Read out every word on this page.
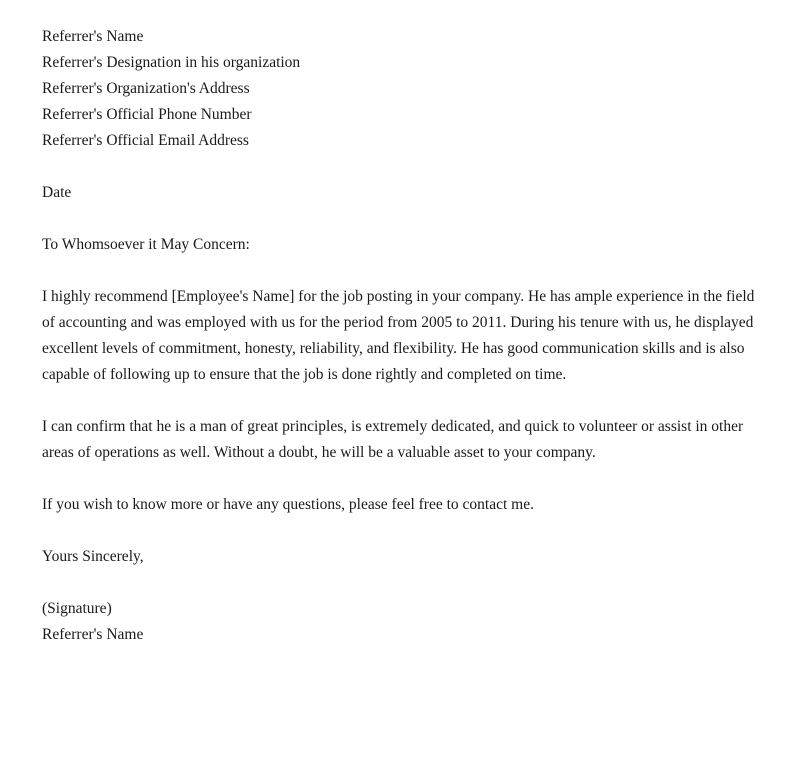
Referrer's Name
Referrer's Designation in his organization
Referrer's Organization's Address
Referrer's Official Phone Number
Referrer's Official Email Address
Date
To Whomsoever it May Concern:
I highly recommend [Employee's Name] for the job posting in your company. He has ample experience in the field of accounting and was employed with us for the period from 2005 to 2011. During his tenure with us, he displayed excellent levels of commitment, honesty, reliability, and flexibility. He has good communication skills and is also capable of following up to ensure that the job is done rightly and completed on time.
I can confirm that he is a man of great principles, is extremely dedicated, and quick to volunteer or assist in other areas of operations as well. Without a doubt, he will be a valuable asset to your company.
If you wish to know more or have any questions, please feel free to contact me.
Yours Sincerely,
(Signature)
Referrer's Name
